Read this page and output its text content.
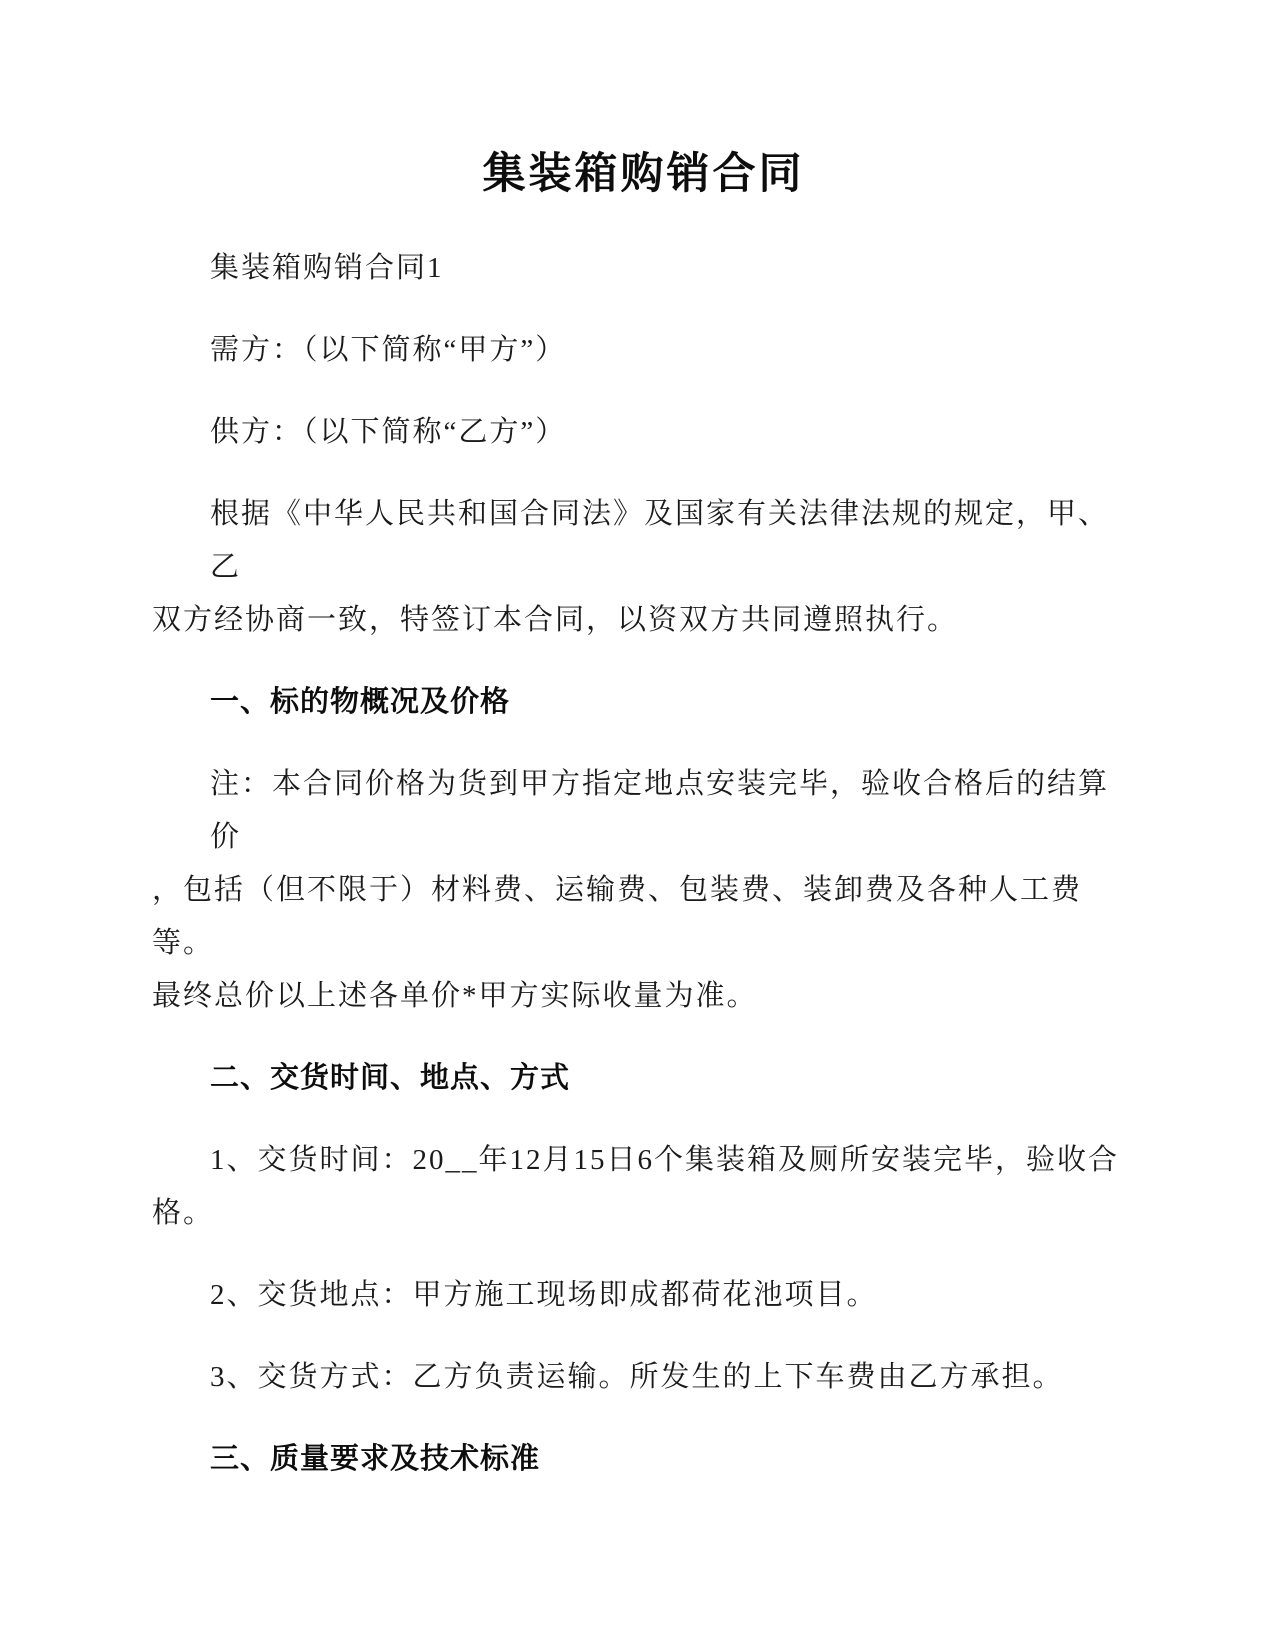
集装箱购销合同
集装箱购销合同1
需方：（以下简称“甲方”）
供方：（以下简称“乙方”）
根据《中华人民共和国合同法》及国家有关法律法规的规定，甲、乙
双方经协商一致，特签订本合同，以资双方共同遵照执行。
一、标的物概况及价格
注：本合同价格为货到甲方指定地点安装完毕，验收合格后的结算价
，包括（但不限于）材料费、运输费、包装费、装卸费及各种人工费等。
最终总价以上述各单价*甲方实际收量为准。
二、交货时间、地点、方式
1、交货时间：20__年12月15日6个集装箱及厕所安装完毕，验收合
格。
2、交货地点：甲方施工现场即成都荷花池项目。
3、交货方式：乙方负责运输。所发生的上下车费由乙方承担。
三、质量要求及技术标准
